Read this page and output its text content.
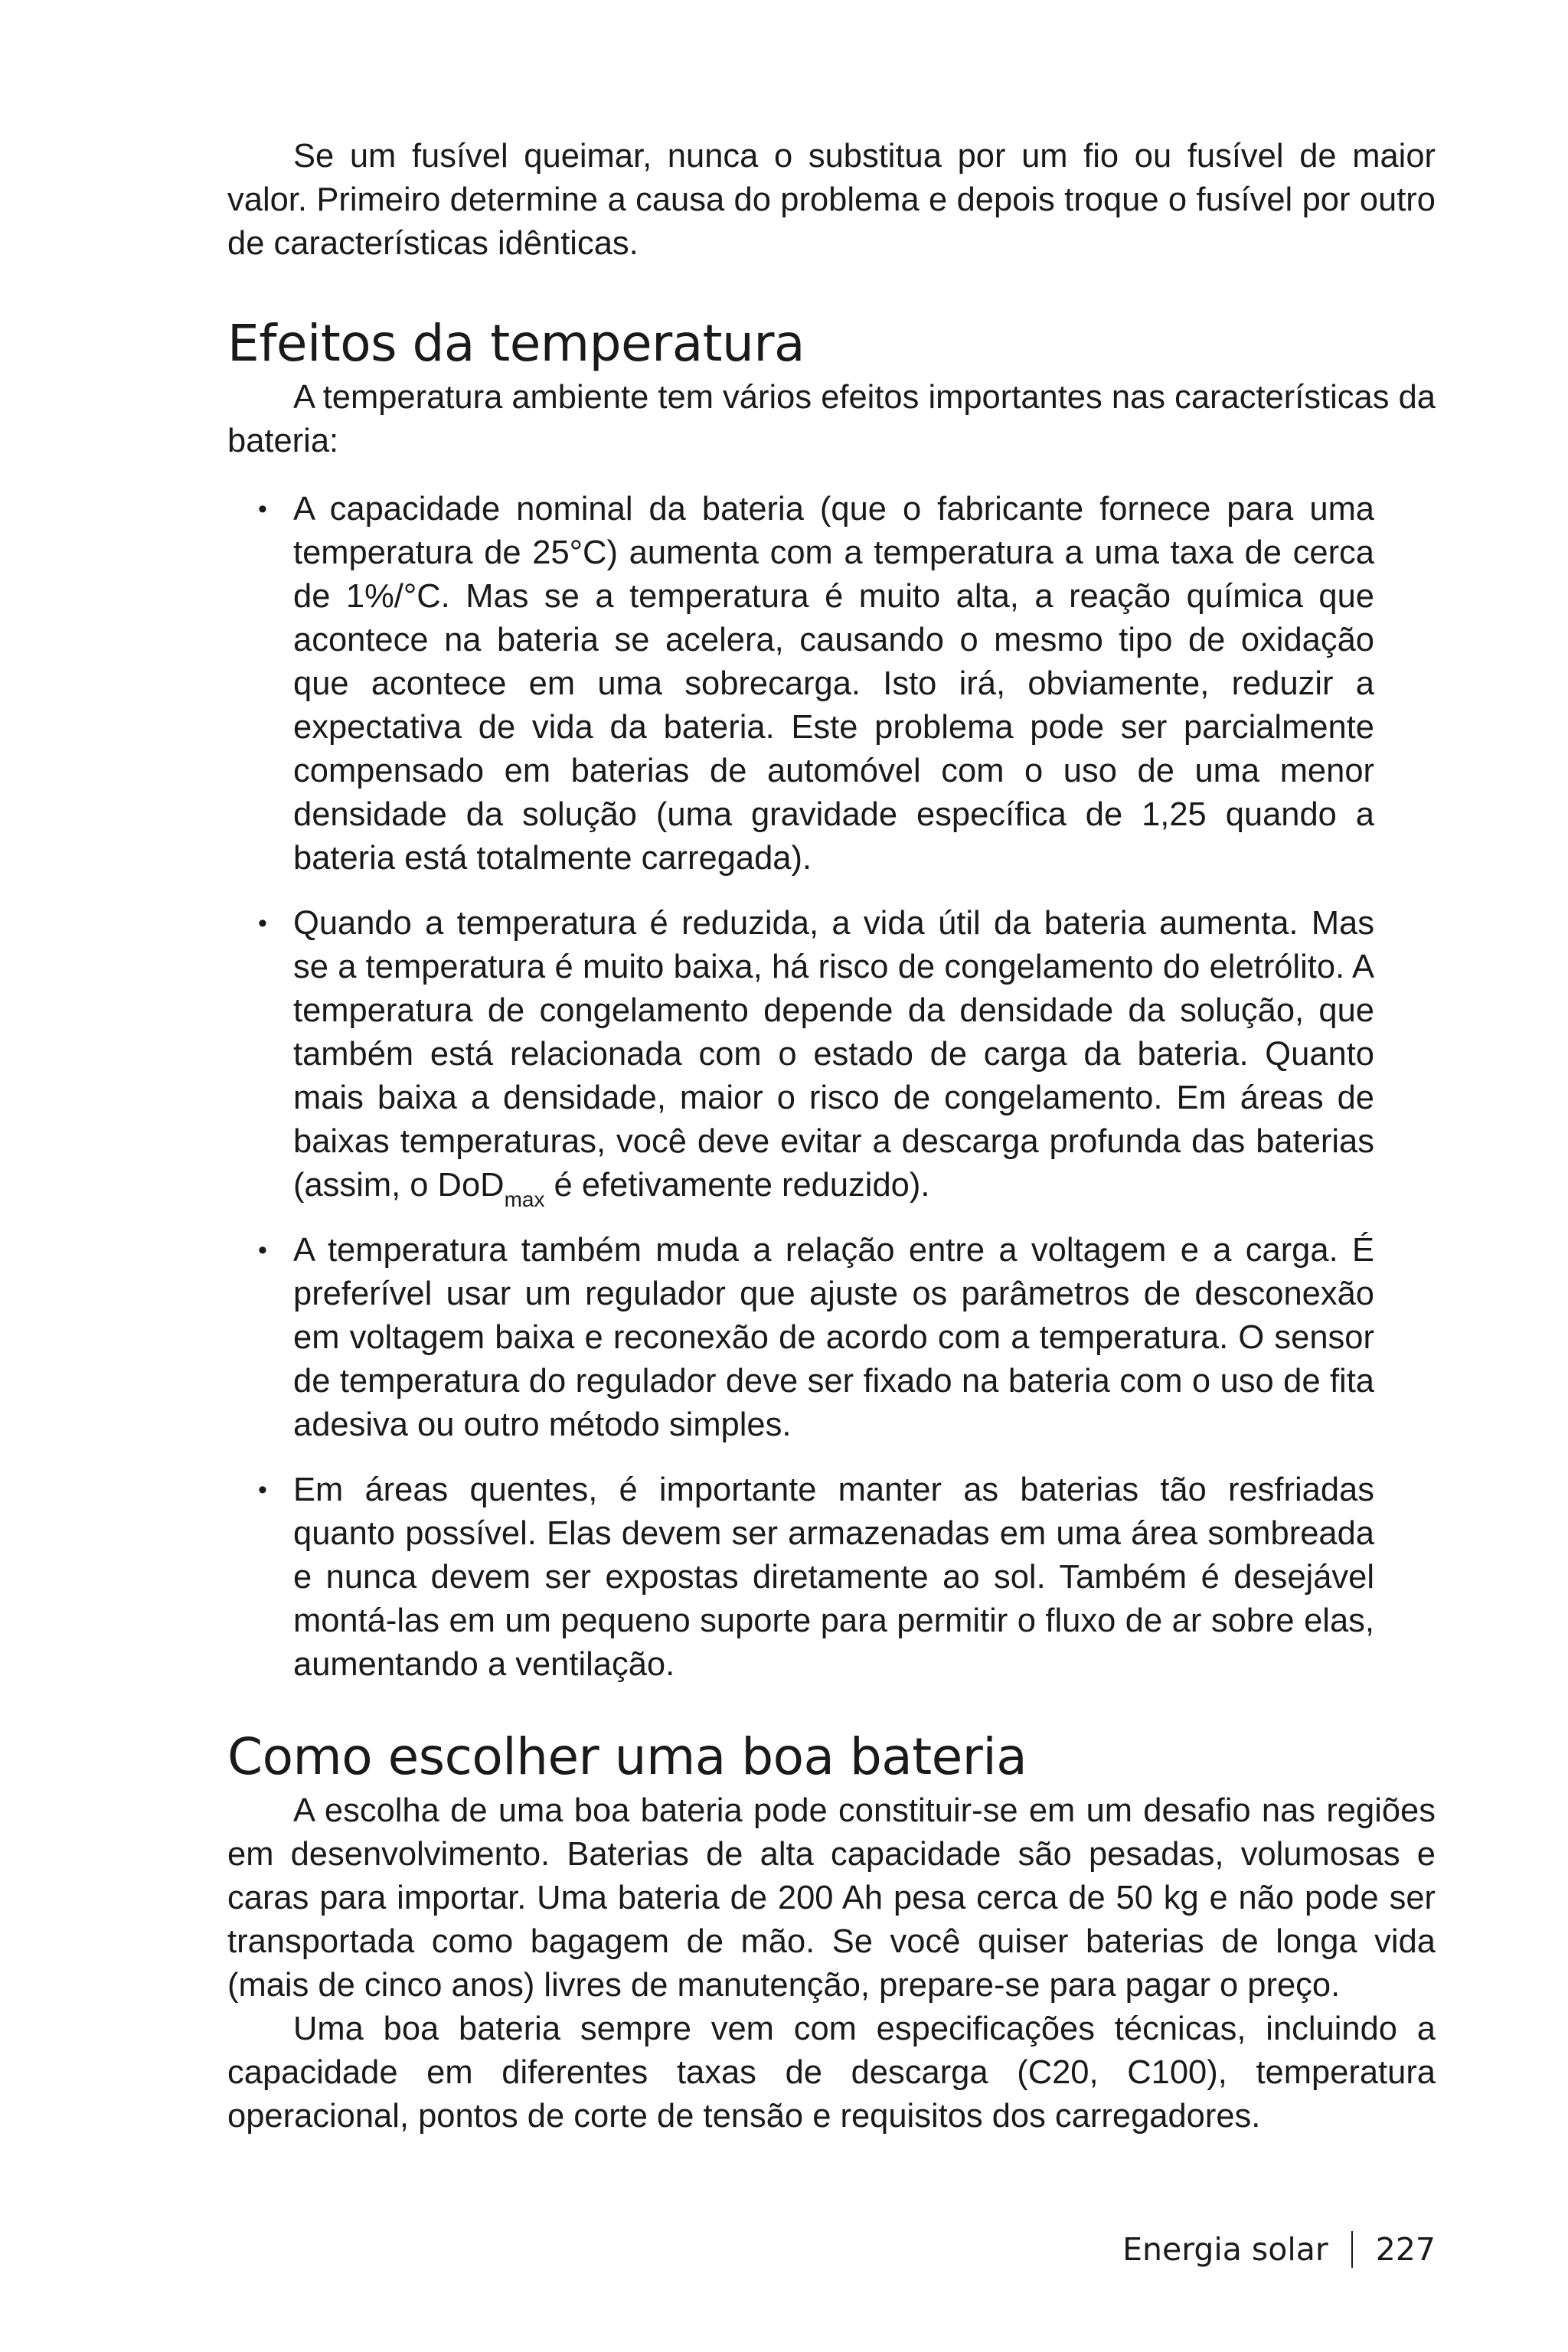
Se um fusível queimar, nunca o substitua por um fio ou fusível de maior valor. Primeiro determine a causa do problema e depois troque o fusível por outro de características idênticas.

Efeitos da temperatura

A temperatura ambiente tem vários efeitos importantes nas características da bateria:

• A capacidade nominal da bateria (que o fabricante fornece para uma temperatura de 25°C) aumenta com a temperatura a uma taxa de cerca de 1%/°C. Mas se a temperatura é muito alta, a reação química que acontece na bateria se acelera, causando o mesmo tipo de oxidação que acontece em uma sobrecarga. Isto irá, obviamente, reduzir a expectativa de vida da bateria. Este problema pode ser parcialmente compensado em baterias de automóvel com o uso de uma menor densidade da solução (uma gravidade específica de 1,25 quando a bateria está totalmente carregada).

• Quando a temperatura é reduzida, a vida útil da bateria aumenta. Mas se a temperatura é muito baixa, há risco de congelamento do eletrólito. A temperatura de congelamento depende da densidade da solução, que também está relacionada com o estado de carga da bateria. Quanto mais baixa a densidade, maior o risco de congelamento. Em áreas de baixas temperaturas, você deve evitar a descarga profunda das baterias (assim, o DoD$_{max}$ é efetivamente reduzido).

• A temperatura também muda a relação entre a voltagem e a carga. É preferível usar um regulador que ajuste os parâmetros de desconexão em voltagem baixa e reconexão de acordo com a temperatura. O sensor de temperatura do regulador deve ser fixado na bateria com o uso de fita adesiva ou outro método simples.

• Em áreas quentes, é importante manter as baterias tão resfriadas quanto possível. Elas devem ser armazenadas em uma área sombreada e nunca devem ser expostas diretamente ao sol. Também é desejável montá-las em um pequeno suporte para permitir o fluxo de ar sobre elas, aumentando a ventilação.

Como escolher uma boa bateria

A escolha de uma boa bateria pode constituir-se em um desafio nas regiões em desenvolvimento. Baterias de alta capacidade são pesadas, volumosas e caras para importar. Uma bateria de 200 Ah pesa cerca de 50 kg e não pode ser transportada como bagagem de mão. Se você quiser baterias de longa vida (mais de cinco anos) livres de manutenção, prepare-se para pagar o preço.

Uma boa bateria sempre vem com especificações técnicas, incluindo a capacidade em diferentes taxas de descarga (C20, C100), temperatura operacional, pontos de corte de tensão e requisitos dos carregadores.

Energia solar 227
